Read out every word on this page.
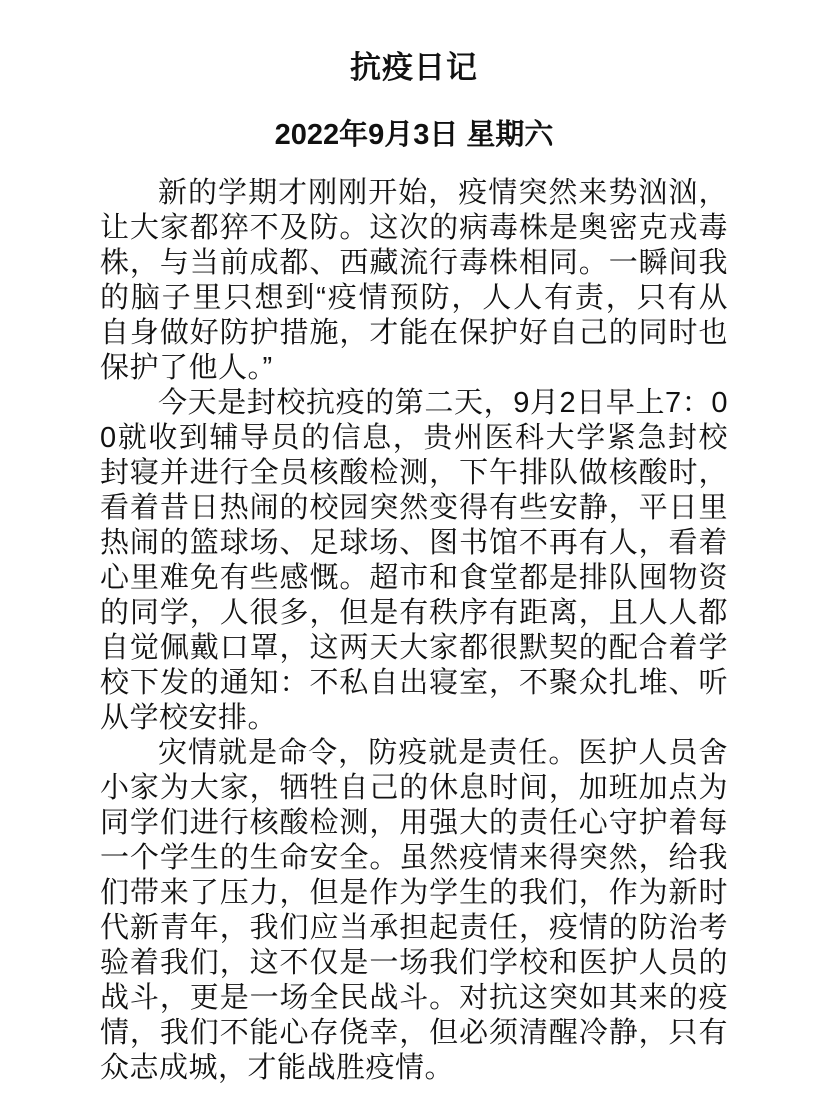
抗疫日记
2022年9月3日 星期六

新的学期才刚刚开始，疫情突然来势汹汹，让大家都猝不及防。这次的病毒株是奥密克戎毒株，与当前成都、西藏流行毒株相同。一瞬间我的脑子里只想到“疫情预防，人人有责，只有从自身做好防护措施，才能在保护好自己的同时也保护了他人。”

今天是封校抗疫的第二天，9月2日早上7：00就收到辅导员的信息，贵州医科大学紧急封校封寝并进行全员核酸检测，下午排队做核酸时，看着昔日热闹的校园突然变得有些安静，平日里热闹的篮球场、足球场、图书馆不再有人，看着心里难免有些感慨。超市和食堂都是排队囤物资的同学，人很多，但是有秩序有距离，且人人都自觉佩戴口罩，这两天大家都很默契的配合着学校下发的通知：不私自出寝室，不聚众扎堆、听从学校安排。

灾情就是命令，防疫就是责任。医护人员舍小家为大家，牺牲自己的休息时间，加班加点为同学们进行核酸检测，用强大的责任心守护着每一个学生的生命安全。虽然疫情来得突然，给我们带来了压力，但是作为学生的我们，作为新时代新青年，我们应当承担起责任，疫情的防治考验着我们，这不仅是一场我们学校和医护人员的战斗，更是一场全民战斗。对抗这突如其来的疫情，我们不能心存侥幸，但必须清醒冷静，只有众志成城，才能战胜疫情。
